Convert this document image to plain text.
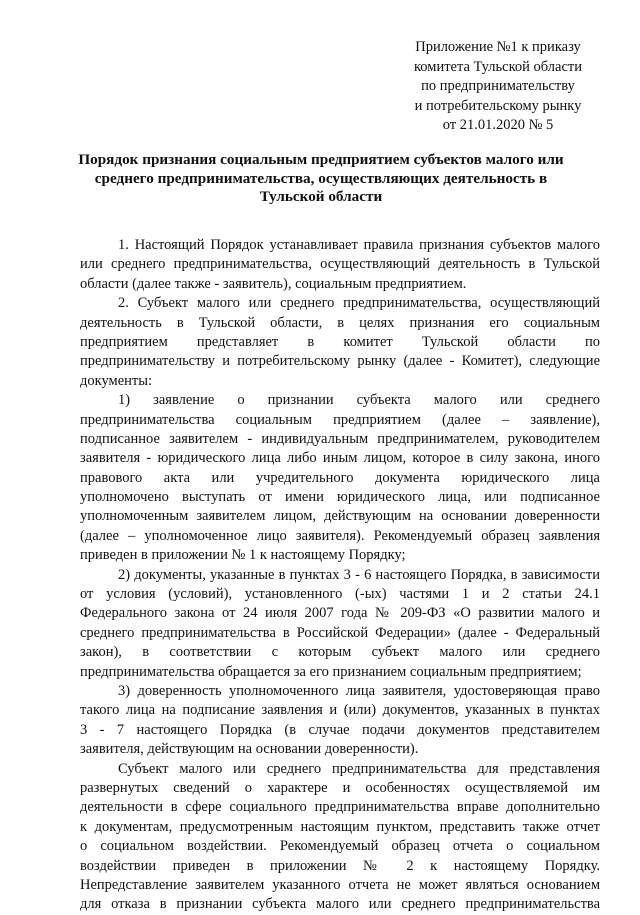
Приложение №1 к приказу
комитета Тульской области
по предпринимательству
и потребительскому рынку
от 21.01.2020 № 5
Порядок признания социальным предприятием субъектов малого или
среднего предпринимательства, осуществляющих деятельность в
Тульской области
1. Настоящий Порядок устанавливает правила признания субъектов малого
или среднего предпринимательства, осуществляющий деятельность в Тульской
области (далее также - заявитель), социальным предприятием.
2. Субъект малого или среднего предпринимательства, осуществляющий
деятельность в Тульской области, в целях признания его социальным
предприятием представляет в комитет Тульской области по
предпринимательству и потребительскому рынку (далее - Комитет), следующие
документы:
1) заявление о признании субъекта малого или среднего
предпринимательства социальным предприятием (далее – заявление),
подписанное заявителем - индивидуальным предпринимателем, руководителем
заявителя - юридического лица либо иным лицом, которое в силу закона, иного
правового акта или учредительного документа юридического лица
уполномочено выступать от имени юридического лица, или подписанное
уполномоченным заявителем лицом, действующим на основании доверенности
(далее – уполномоченное лицо заявителя). Рекомендуемый образец заявления
приведен в приложении № 1 к настоящему Порядку;
2) документы, указанные в пунктах 3 - 6 настоящего Порядка, в зависимости
от условия (условий), установленного (-ых) частями 1 и 2 статьи 24.1
Федерального закона от 24 июля 2007 года № 209-ФЗ «О развитии малого и
среднего предпринимательства в Российской Федерации» (далее - Федеральный
закон), в соответствии с которым субъект малого или среднего
предпринимательства обращается за его признанием социальным предприятием;
3) доверенность уполномоченного лица заявителя, удостоверяющая право
такого лица на подписание заявления и (или) документов, указанных в пунктах
3 - 7 настоящего Порядка (в случае подачи документов представителем
заявителя, действующим на основании доверенности).
Субъект малого или среднего предпринимательства для представления
развернутых сведений о характере и особенностях осуществляемой им
деятельности в сфере социального предпринимательства вправе дополнительно
к документам, предусмотренным настоящим пунктом, представить также отчет
о социальном воздействии. Рекомендуемый образец отчета о социальном
воздействии приведен в приложении № 2 к настоящему Порядку.
Непредставление заявителем указанного отчета не может являться основанием
для отказа в признании субъекта малого или среднего предпринимательства
